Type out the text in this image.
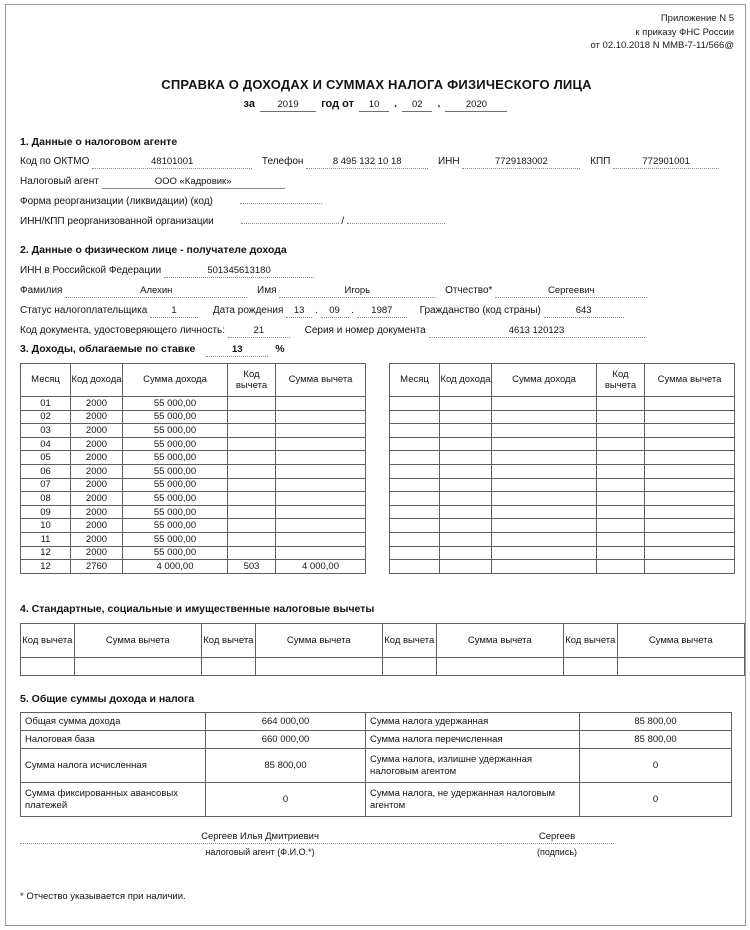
Приложение N 5
к приказу ФНС России
от 02.10.2018 N ММВ-7-11/566@
СПРАВКА О ДОХОДАХ И СУММАХ НАЛОГА ФИЗИЧЕСКОГО ЛИЦА
за 2019 год от 10 . 02 .	2020
1. Данные о налоговом агенте
Код по ОКТМО	48101001	Телефон	8 495 132 10 18	ИНН	7729183002	КПП	772901001
Налоговый агент	ООО «Кадровик»
Форма реорганизации (ликвидации) (код)
ИНН/КПП реорганизованной организации	/
2. Данные о физическом лице - получателе дохода
ИНН в Российской Федерации	501345613180
Фамилия	Алехин	Имя	Игорь	Отчество*	Сергеевич
Статус налогоплательщика	1	Дата рождения 13 . 09 . 1987	Гражданство (код страны)	643
Код документа, удостоверяющего личность:	21	Серия и номер документа	4613 120123
3. Доходы, облагаемые по ставке	13	%
Месяц	Код дохода	Сумма дохода	Код вычета	Сумма вычета
01	2000	55 000,00		
02	2000	55 000,00		
03	2000	55 000,00		
04	2000	55 000,00		
05	2000	55 000,00		
06	2000	55 000,00		
07	2000	55 000,00		
08	2000	55 000,00		
09	2000	55 000,00		
10	2000	55 000,00		
11	2000	55 000,00		
12	2000	55 000,00		
12	2760	4 000,00	503	4 000,00
Месяц	Код дохода	Сумма дохода	Код вычета	Сумма вычета

4. Стандартные, социальные и имущественные налоговые вычеты
Код вычета	Сумма вычета	Код вычета	Сумма вычета	Код вычета	Сумма вычета	Код вычета	Сумма вычета

5. Общие суммы дохода и налога
Общая сумма дохода	664 000,00	Сумма налога удержанная	85 800,00
Налоговая база	660 000,00	Сумма налога перечисленная	85 800,00
Сумма налога исчисленная	85 800,00	Сумма налога, излишне удержанная налоговым агентом	0
Сумма фиксированных авансовых платежей	0	Сумма налога, не удержанная налоговым агентом	0
Сергеев Илья Дмитриевич
налоговый агент (Ф.И.О.*)
Сергеев
(подпись)
* Отчество указывается при наличии.
